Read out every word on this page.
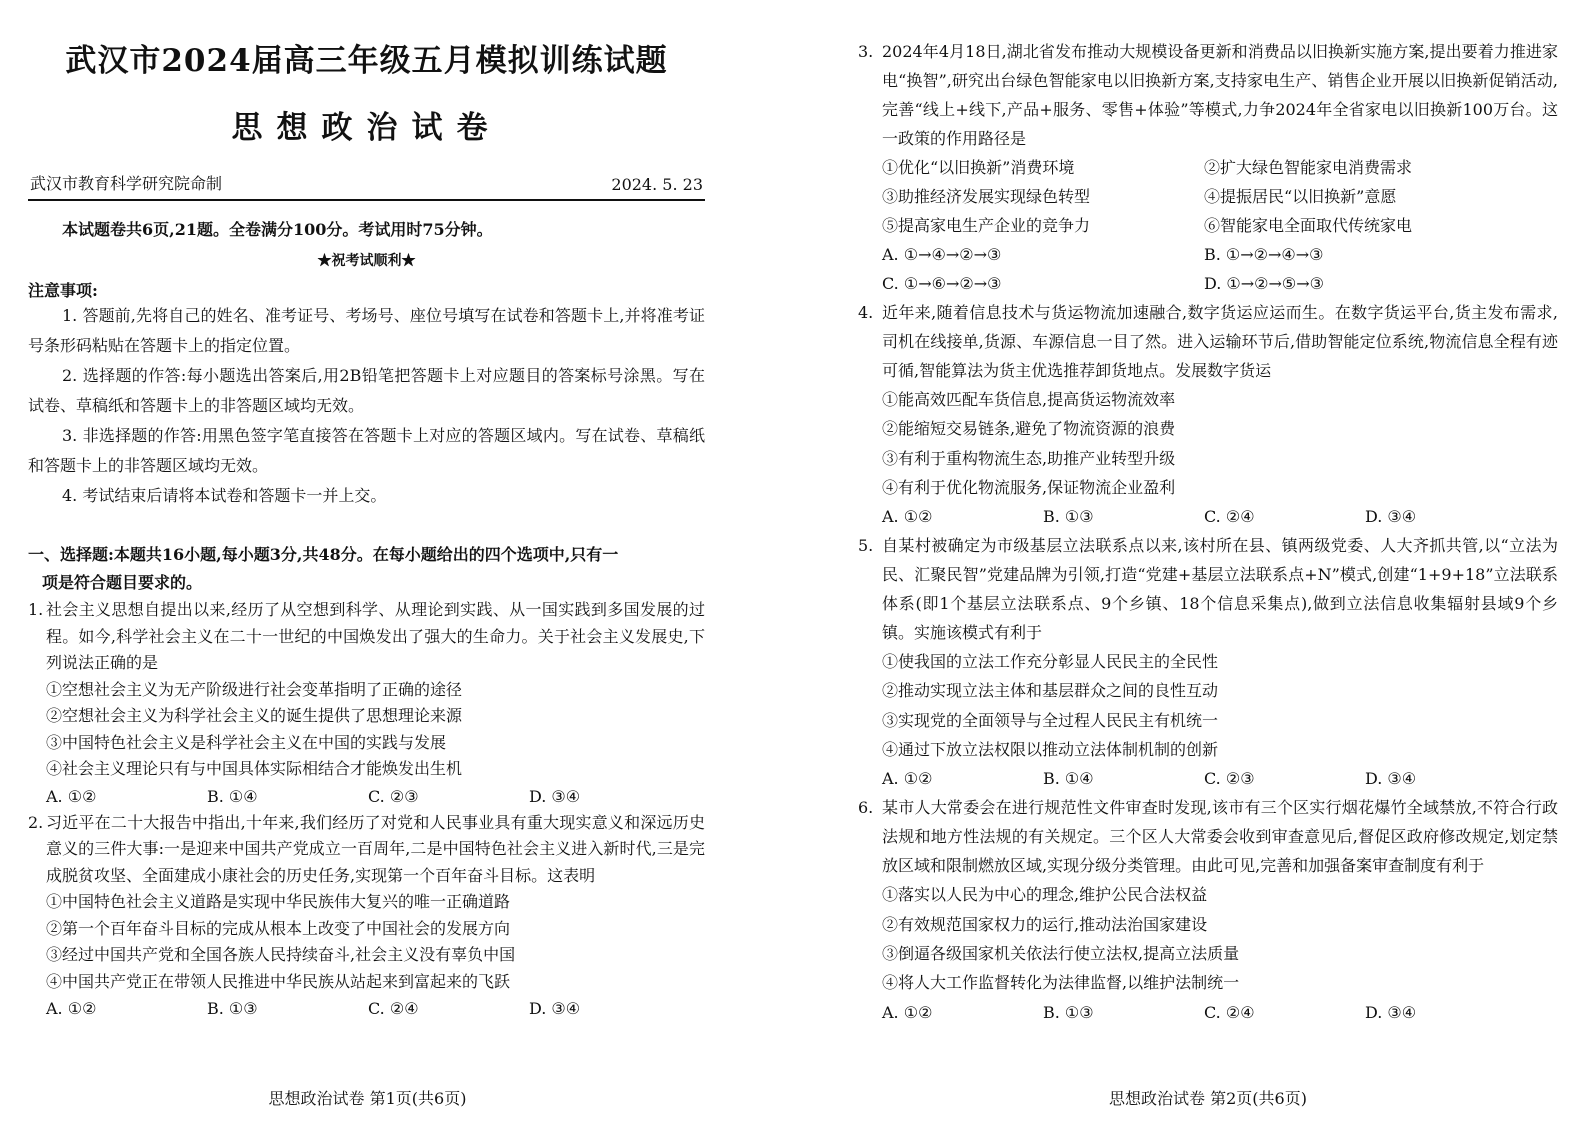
武汉市2024届高三年级五月模拟训练试题
思想政治试卷
武汉市教育科学研究院命制	2024. 5. 23
本试题卷共6页,21题。全卷满分100分。考试用时75分钟。
★祝考试顺利★
注意事项:
1. 答题前,先将自己的姓名、准考证号、考场号、座位号填写在试卷和答题卡上,并将准考证号条形码粘贴在答题卡上的指定位置。
2. 选择题的作答:每小题选出答案后,用2B铅笔把答题卡上对应题目的答案标号涂黑。写在试卷、草稿纸和答题卡上的非答题区域均无效。
3. 非选择题的作答:用黑色签字笔直接答在答题卡上对应的答题区域内。写在试卷、草稿纸和答题卡上的非答题区域均无效。
4. 考试结束后请将本试卷和答题卡一并上交。
一、选择题:本题共16小题,每小题3分,共48分。在每小题给出的四个选项中,只有一
项是符合题目要求的。
1. 社会主义思想自提出以来,经历了从空想到科学、从理论到实践、从一国实践到多国发展的过程。如今,科学社会主义在二十一世纪的中国焕发出了强大的生命力。关于社会主义发展史,下列说法正确的是
①空想社会主义为无产阶级进行社会变革指明了正确的途径
②空想社会主义为科学社会主义的诞生提供了思想理论来源
③中国特色社会主义是科学社会主义在中国的实践与发展
④社会主义理论只有与中国具体实际相结合才能焕发出生机
A. ①②	B. ①④	C. ②③	D. ③④
2. 习近平在二十大报告中指出,十年来,我们经历了对党和人民事业具有重大现实意义和深远历史意义的三件大事:一是迎来中国共产党成立一百周年,二是中国特色社会主义进入新时代,三是完成脱贫攻坚、全面建成小康社会的历史任务,实现第一个百年奋斗目标。这表明
①中国特色社会主义道路是实现中华民族伟大复兴的唯一正确道路
②第一个百年奋斗目标的完成从根本上改变了中国社会的发展方向
③经过中国共产党和全国各族人民持续奋斗,社会主义没有辜负中国
④中国共产党正在带领人民推进中华民族从站起来到富起来的飞跃
A. ①②	B. ①③	C. ②④	D. ③④
思想政治试卷 第1页(共6页)
3. 2024年4月18日,湖北省发布推动大规模设备更新和消费品以旧换新实施方案,提出要着力推进家电“换智”,研究出台绿色智能家电以旧换新方案,支持家电生产、销售企业开展以旧换新促销活动,完善“线上+线下,产品+服务、零售+体验”等模式,力争2024年全省家电以旧换新100万台。这一政策的作用路径是
①优化“以旧换新”消费环境	②扩大绿色智能家电消费需求
③助推经济发展实现绿色转型	④提振居民“以旧换新”意愿
⑤提高家电生产企业的竞争力	⑥智能家电全面取代传统家电
A. ①→④→②→③	B. ①→②→④→③
C. ①→⑥→②→③	D. ①→②→⑤→③
4. 近年来,随着信息技术与货运物流加速融合,数字货运应运而生。在数字货运平台,货主发布需求,司机在线接单,货源、车源信息一目了然。进入运输环节后,借助智能定位系统,物流信息全程有迹可循,智能算法为货主优选推荐卸货地点。发展数字货运
①能高效匹配车货信息,提高货运物流效率
②能缩短交易链条,避免了物流资源的浪费
③有利于重构物流生态,助推产业转型升级
④有利于优化物流服务,保证物流企业盈利
A. ①②	B. ①③	C. ②④	D. ③④
5. 自某村被确定为市级基层立法联系点以来,该村所在县、镇两级党委、人大齐抓共管,以“立法为民、汇聚民智”党建品牌为引领,打造“党建+基层立法联系点+N”模式,创建“1+9+18”立法联系体系(即1个基层立法联系点、9个乡镇、18个信息采集点),做到立法信息收集辐射县域9个乡镇。实施该模式有利于
①使我国的立法工作充分彰显人民民主的全民性
②推动实现立法主体和基层群众之间的良性互动
③实现党的全面领导与全过程人民民主有机统一
④通过下放立法权限以推动立法体制机制的创新
A. ①②	B. ①④	C. ②③	D. ③④
6. 某市人大常委会在进行规范性文件审查时发现,该市有三个区实行烟花爆竹全域禁放,不符合行政法规和地方性法规的有关规定。三个区人大常委会收到审查意见后,督促区政府修改规定,划定禁放区域和限制燃放区域,实现分级分类管理。由此可见,完善和加强备案审查制度有利于
①落实以人民为中心的理念,维护公民合法权益
②有效规范国家权力的运行,推动法治国家建设
③倒逼各级国家机关依法行使立法权,提高立法质量
④将人大工作监督转化为法律监督,以维护法制统一
A. ①②	B. ①③	C. ②④	D. ③④
思想政治试卷 第2页(共6页)
